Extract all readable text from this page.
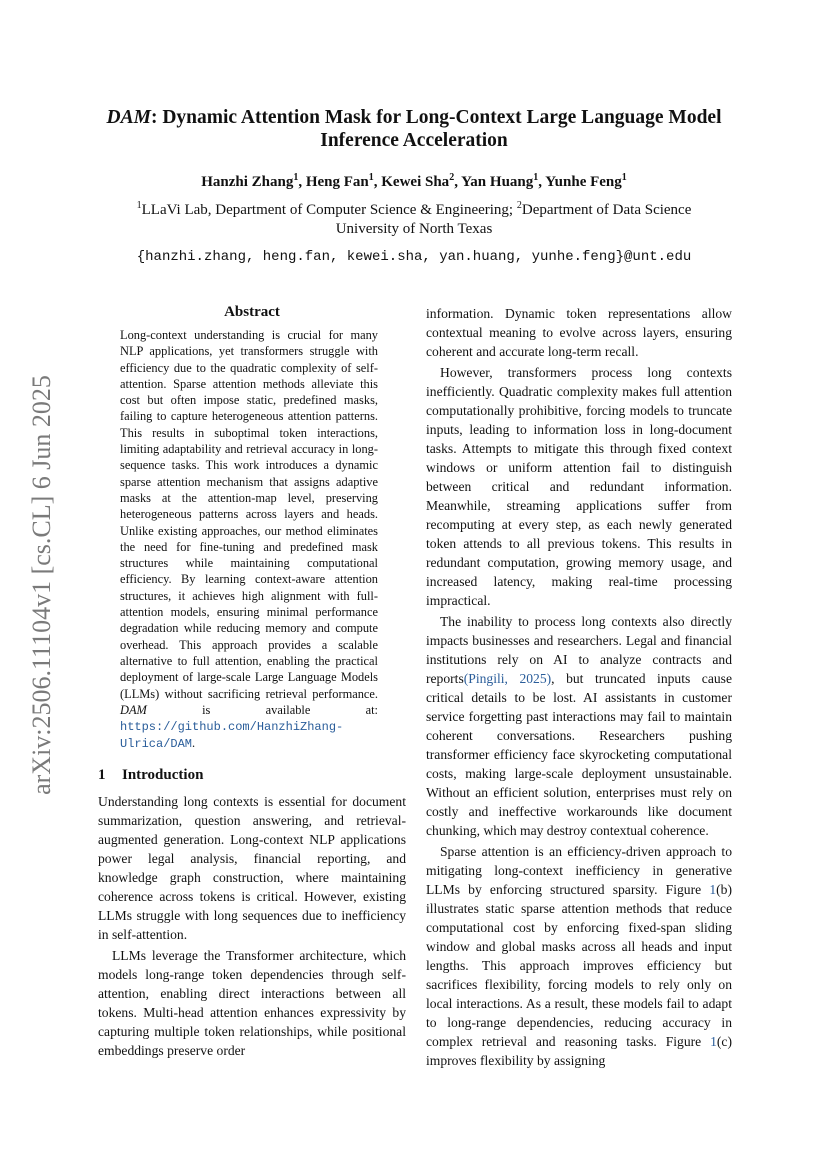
DAM: Dynamic Attention Mask for Long-Context Large Language Model Inference Acceleration
Hanzhi Zhang$^1$, Heng Fan$^1$, Kewei Sha$^2$, Yan Huang$^1$, Yunhe Feng$^1$
$^1$LLaVi Lab, Department of Computer Science & Engineering; $^2$Department of Data Science
University of North Texas
{hanzhi.zhang, heng.fan, kewei.sha, yan.huang, yunhe.feng}@unt.edu
arXiv:2506.11104v1 [cs.CL] 6 Jun 2025
Abstract
Long-context understanding is crucial for many NLP applications, yet transformers struggle with efficiency due to the quadratic complexity of self-attention. Sparse attention methods alleviate this cost but often impose static, predefined masks, failing to capture heterogeneous attention patterns. This results in suboptimal token interactions, limiting adaptability and retrieval accuracy in long-sequence tasks. This work introduces a dynamic sparse attention mechanism that assigns adaptive masks at the attention-map level, preserving heterogeneous patterns across layers and heads. Unlike existing approaches, our method eliminates the need for fine-tuning and predefined mask structures while maintaining computational efficiency. By learning context-aware attention structures, it achieves high alignment with full-attention models, ensuring minimal performance degradation while reducing memory and compute overhead. This approach provides a scalable alternative to full attention, enabling the practical deployment of large-scale Large Language Models (LLMs) without sacrificing retrieval performance. DAM is available at: https://github.com/HanzhiZhang-Ulrica/DAM.
1 Introduction

Understanding long contexts is essential for document summarization, question answering, and retrieval-augmented generation. Long-context NLP applications power legal analysis, financial reporting, and knowledge graph construction, where maintaining coherence across tokens is critical. However, existing LLMs struggle with long sequences due to inefficiency in self-attention.

LLMs leverage the Transformer architecture, which models long-range token dependencies through self-attention, enabling direct interactions between all tokens. Multi-head attention enhances expressivity by capturing multiple token relationships, while positional embeddings preserve order

information. Dynamic token representations allow contextual meaning to evolve across layers, ensuring coherent and accurate long-term recall.

However, transformers process long contexts inefficiently. Quadratic complexity makes full attention computationally prohibitive, forcing models to truncate inputs, leading to information loss in long-document tasks. Attempts to mitigate this through fixed context windows or uniform attention fail to distinguish between critical and redundant information. Meanwhile, streaming applications suffer from recomputing at every step, as each newly generated token attends to all previous tokens. This results in redundant computation, growing memory usage, and increased latency, making real-time processing impractical.

The inability to process long contexts also directly impacts businesses and researchers. Legal and financial institutions rely on AI to analyze contracts and reports(Pingili, 2025), but truncated inputs cause critical details to be lost. AI assistants in customer service forgetting past interactions may fail to maintain coherent conversations. Researchers pushing transformer efficiency face skyrocketing computational costs, making large-scale deployment unsustainable. Without an efficient solution, enterprises must rely on costly and ineffective workarounds like document chunking, which may destroy contextual coherence.

Sparse attention is an efficiency-driven approach to mitigating long-context inefficiency in generative LLMs by enforcing structured sparsity. Figure 1(b) illustrates static sparse attention methods that reduce computational cost by enforcing fixed-span sliding window and global masks across all heads and input lengths. This approach improves efficiency but sacrifices flexibility, forcing models to rely only on local interactions. As a result, these models fail to adapt to long-range dependencies, reducing accuracy in complex retrieval and reasoning tasks. Figure 1(c) improves flexibility by assigning
